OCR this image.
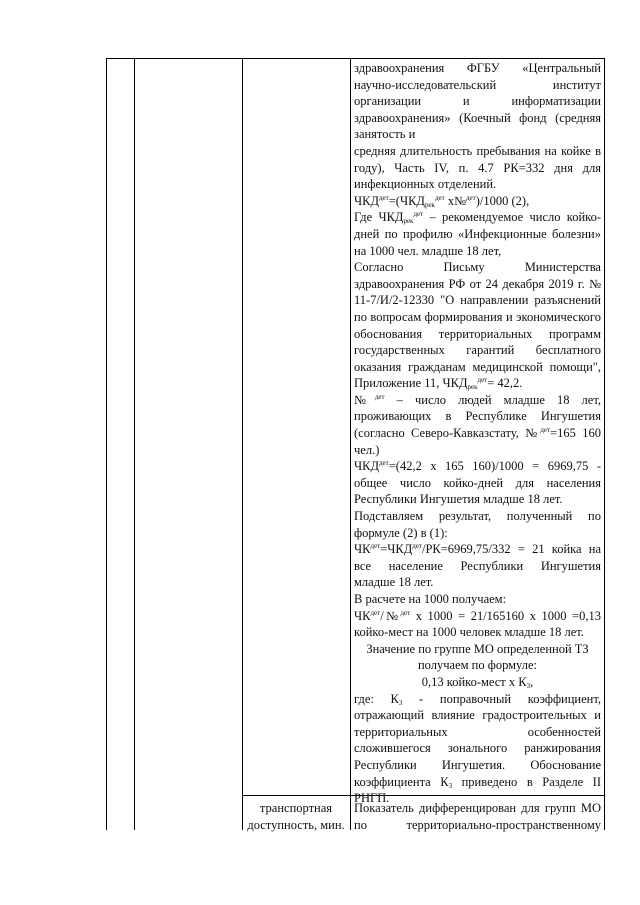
здравоохранения ФГБУ «Центральный научно-исследовательский институт организации и информатизации здравоохранения» (Коечный фонд (средняя занятость и

средняя длительность пребывания на койке в году), Часть IV, п. 4.7 РК=332 дня для инфекционных отделений.

$ЧКД^{дет}=(ЧКД_{рек}^{дет}$ х№$^{дет}$)/1000 (2),

Где $ЧКД_{рек}^{дет}$ – рекомендуемое число койко-дней по профилю «Инфекционные болезни» на 1000 чел. младше 18 лет,

Согласно Письму Министерства здравоохранения РФ от 24 декабря 2019 г. № 11-7/И/2-12330 "О направлении разъяснений по вопросам формирования и экономического обоснования территориальных программ государственных гарантий бесплатного оказания гражданам медицинской помощи", Приложение 11, $ЧКД_{рек}^{дет}= 42,2$.

№$^{дет}$ – число людей младше 18 лет, проживающих в Республике Ингушетия (согласно Северо-Кавказстату, №$^{дет}$=165 160 чел.)

$ЧКД^{дет}=(42,2$ х 165 160)/1000 = 6969,75 - общее число койко-дней для населения Республики Ингушетия младше 18 лет.

Подставляем результат, полученный по формуле (2) в (1):

$ЧК^{дет}=ЧКД^{дет}/РК=6969,75/332 = 21$ койка на все население Республики Ингушетия младше 18 лет.

В расчете на 1000 получаем:

$ЧК^{дет}/№^{дет}$ х 1000 = 21/165160 х 1000 =0,13 койко-мест на 1000 человек младше 18 лет.

Значение по группе МО определенной ТЗ получаем по формуле:

0,13 койко-мест х $К_3$,

где: $К_3$ - поправочный коэффициент, отражающий влияние градостроительных и территориальных особенностей сложившегося зонального ранжирования Республики Ингушетия. Обоснование коэффициента $К_3$ приведено в Разделе II РНГП.

транспортная доступность, мин.

Показатель дифференцирован для групп МО по территориально-пространственному
